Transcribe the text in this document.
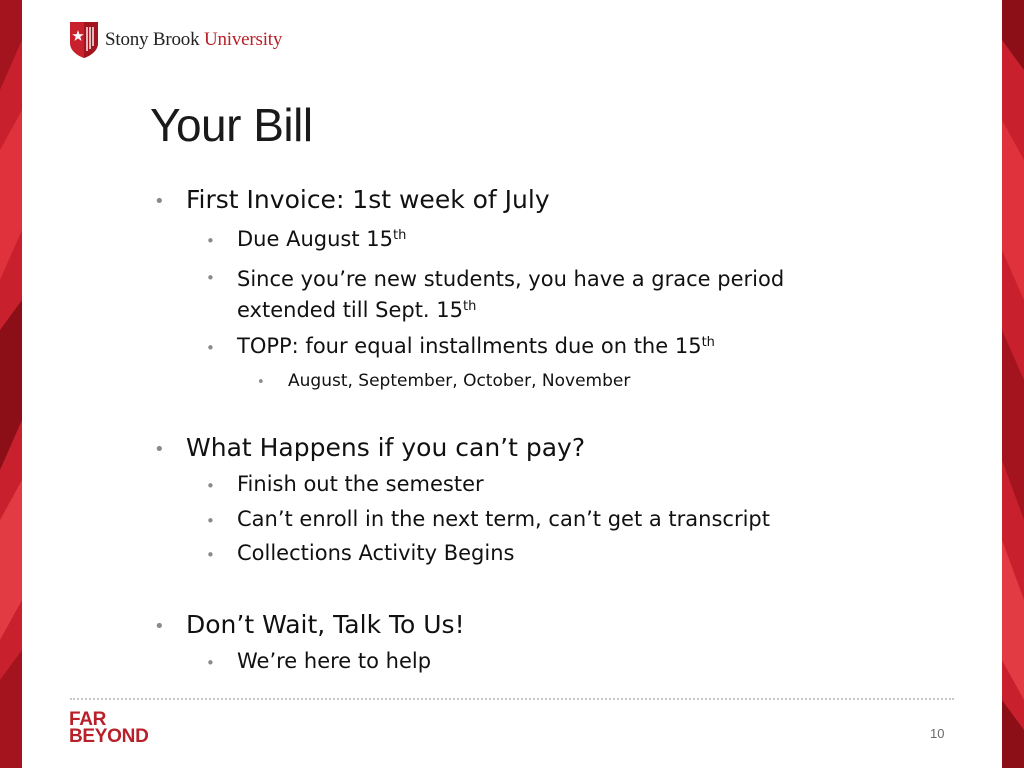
Stony Brook University
Your Bill
• First Invoice: 1st week of July
• Due August 15th
• Since you’re new students, you have a grace period
extended till Sept. 15th
• TOPP: four equal installments due on the 15th
• August, September, October, November
• What Happens if you can’t pay?
• Finish out the semester
• Can’t enroll in the next term, can’t get a transcript
• Collections Activity Begins
• Don’t Wait, Talk To Us!
• We’re here to help
FAR
BEYOND	10
